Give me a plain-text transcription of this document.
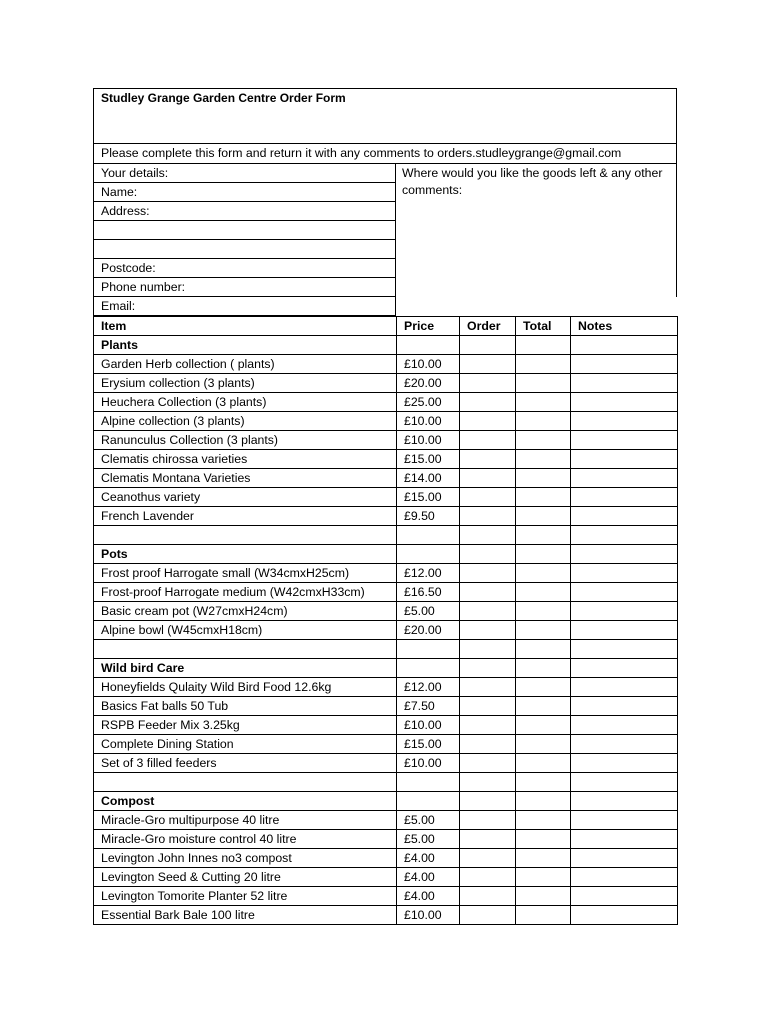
Studley Grange Garden Centre Order Form
Please complete this form and return it with any comments to orders.studleygrange@gmail.com
Your details:
Name:
Address:
Postcode:
Phone number:
Email:
Where would you like the goods left & any other comments:
Item	Price	Order	Total	Notes
Plants				
Garden Herb collection ( plants)	£10.00			
Erysium collection (3 plants)	£20.00			
Heuchera Collection (3 plants)	£25.00			
Alpine collection (3 plants)	£10.00			
Ranunculus Collection (3 plants)	£10.00			
Clematis chirossa varieties	£15.00			
Clematis Montana Varieties	£14.00			
Ceanothus variety	£15.00			
French Lavender	£9.50			

Pots				
Frost proof Harrogate small (W34cmxH25cm)	£12.00			
Frost-proof Harrogate medium (W42cmxH33cm)	£16.50			
Basic cream pot (W27cmxH24cm)	£5.00			
Alpine bowl (W45cmxH18cm)	£20.00			

Wild bird Care				
Honeyfields Qulaity Wild Bird Food 12.6kg	£12.00			
Basics Fat balls 50 Tub	£7.50			
RSPB Feeder Mix 3.25kg	£10.00			
Complete Dining Station	£15.00			
Set of 3 filled feeders	£10.00			

Compost				
Miracle-Gro multipurpose 40 litre	£5.00			
Miracle-Gro moisture control 40 litre	£5.00			
Levington John Innes no3 compost	£4.00			
Levington Seed & Cutting 20 litre	£4.00			
Levington Tomorite Planter 52 litre	£4.00			
Essential Bark Bale 100 litre	£10.00			
